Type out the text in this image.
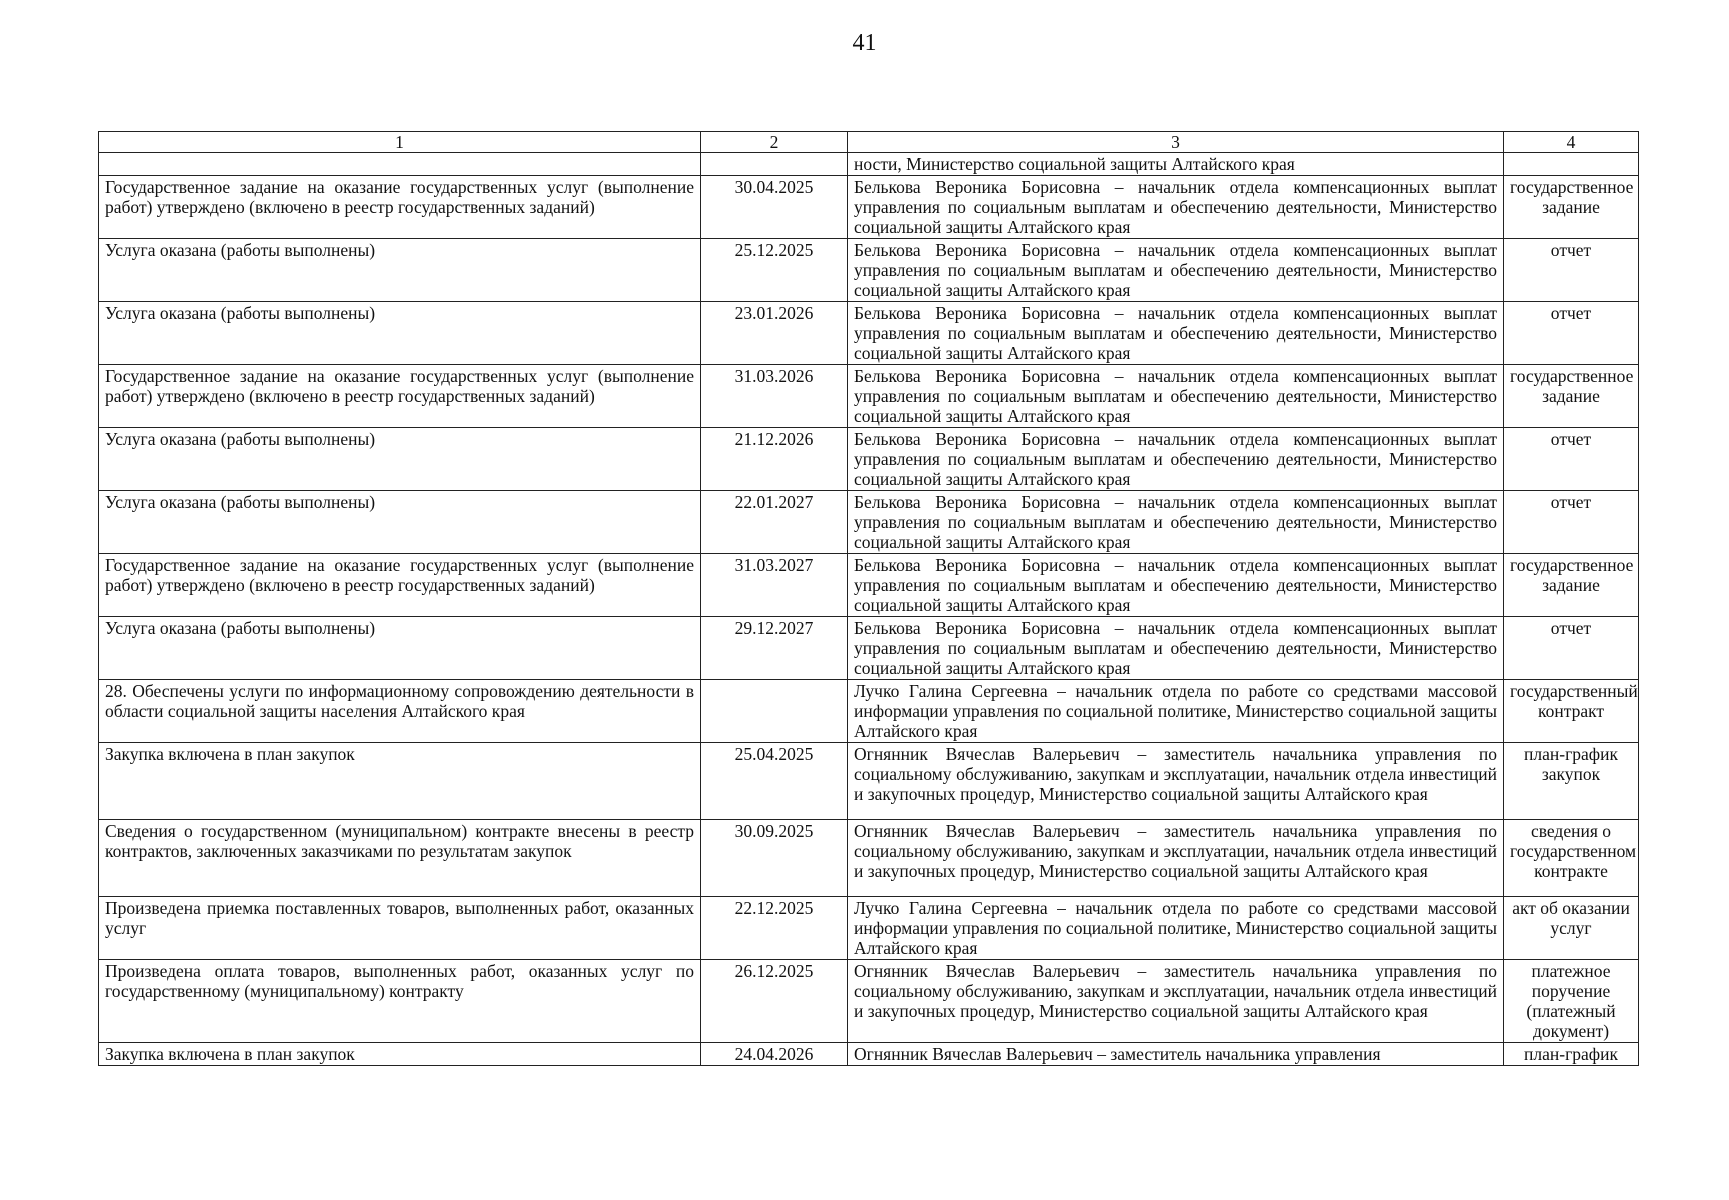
41
1	2	3	4
		ности, Министерство социальной защиты Алтайского края	
Государственное задание на оказание государственных услуг (выполнение работ) утверждено (включено в реестр государственных заданий)	30.04.2025	Белькова Вероника Борисовна – начальник отдела компенсационных выплат управления по социальным выплатам и обеспечению деятельности, Министерство социальной защиты Алтайского края	государственное задание
Услуга оказана (работы выполнены)	25.12.2025	Белькова Вероника Борисовна – начальник отдела компенсационных выплат управления по социальным выплатам и обеспечению деятельности, Министерство социальной защиты Алтайского края	отчет
Услуга оказана (работы выполнены)	23.01.2026	Белькова Вероника Борисовна – начальник отдела компенсационных выплат управления по социальным выплатам и обеспечению деятельности, Министерство социальной защиты Алтайского края	отчет
Государственное задание на оказание государственных услуг (выполнение работ) утверждено (включено в реестр государственных заданий)	31.03.2026	Белькова Вероника Борисовна – начальник отдела компенсационных выплат управления по социальным выплатам и обеспечению деятельности, Министерство социальной защиты Алтайского края	государственное задание
Услуга оказана (работы выполнены)	21.12.2026	Белькова Вероника Борисовна – начальник отдела компенсационных выплат управления по социальным выплатам и обеспечению деятельности, Министерство социальной защиты Алтайского края	отчет
Услуга оказана (работы выполнены)	22.01.2027	Белькова Вероника Борисовна – начальник отдела компенсационных выплат управления по социальным выплатам и обеспечению деятельности, Министерство социальной защиты Алтайского края	отчет
Государственное задание на оказание государственных услуг (выполнение работ) утверждено (включено в реестр государственных заданий)	31.03.2027	Белькова Вероника Борисовна – начальник отдела компенсационных выплат управления по социальным выплатам и обеспечению деятельности, Министерство социальной защиты Алтайского края	государственное задание
Услуга оказана (работы выполнены)	29.12.2027	Белькова Вероника Борисовна – начальник отдела компенсационных выплат управления по социальным выплатам и обеспечению деятельности, Министерство социальной защиты Алтайского края	отчет
28. Обеспечены услуги по информационному сопровождению деятельности в области социальной защиты населения Алтайского края		Лучко Галина Сергеевна – начальник отдела по работе со средствами массовой информации управления по социальной политике, Министерство социальной защиты Алтайского края	государственный контракт
Закупка включена в план закупок	25.04.2025	Огнянник Вячеслав Валерьевич – заместитель начальника управления по социальному обслуживанию, закупкам и эксплуатации, начальник отдела инвестиций и закупочных процедур, Министерство социальной защиты Алтайского края	план-график закупок
Сведения о государственном (муниципальном) контракте внесены в реестр контрактов, заключенных заказчиками по результатам закупок	30.09.2025	Огнянник Вячеслав Валерьевич – заместитель начальника управления по социальному обслуживанию, закупкам и эксплуатации, начальник отдела инвестиций и закупочных процедур, Министерство социальной защиты Алтайского края	сведения о государственном контракте
Произведена приемка поставленных товаров, выполненных работ, оказанных услуг	22.12.2025	Лучко Галина Сергеевна – начальник отдела по работе со средствами массовой информации управления по социальной политике, Министерство социальной защиты Алтайского края	акт об оказании услуг
Произведена оплата товаров, выполненных работ, оказанных услуг по государственному (муниципальному) контракту	26.12.2025	Огнянник Вячеслав Валерьевич – заместитель начальника управления по социальному обслуживанию, закупкам и эксплуатации, начальник отдела инвестиций и закупочных процедур, Министерство социальной защиты Алтайского края	платежное поручение (платежный документ)
Закупка включена в план закупок	24.04.2026	Огнянник Вячеслав Валерьевич – заместитель начальника управления	план-график
